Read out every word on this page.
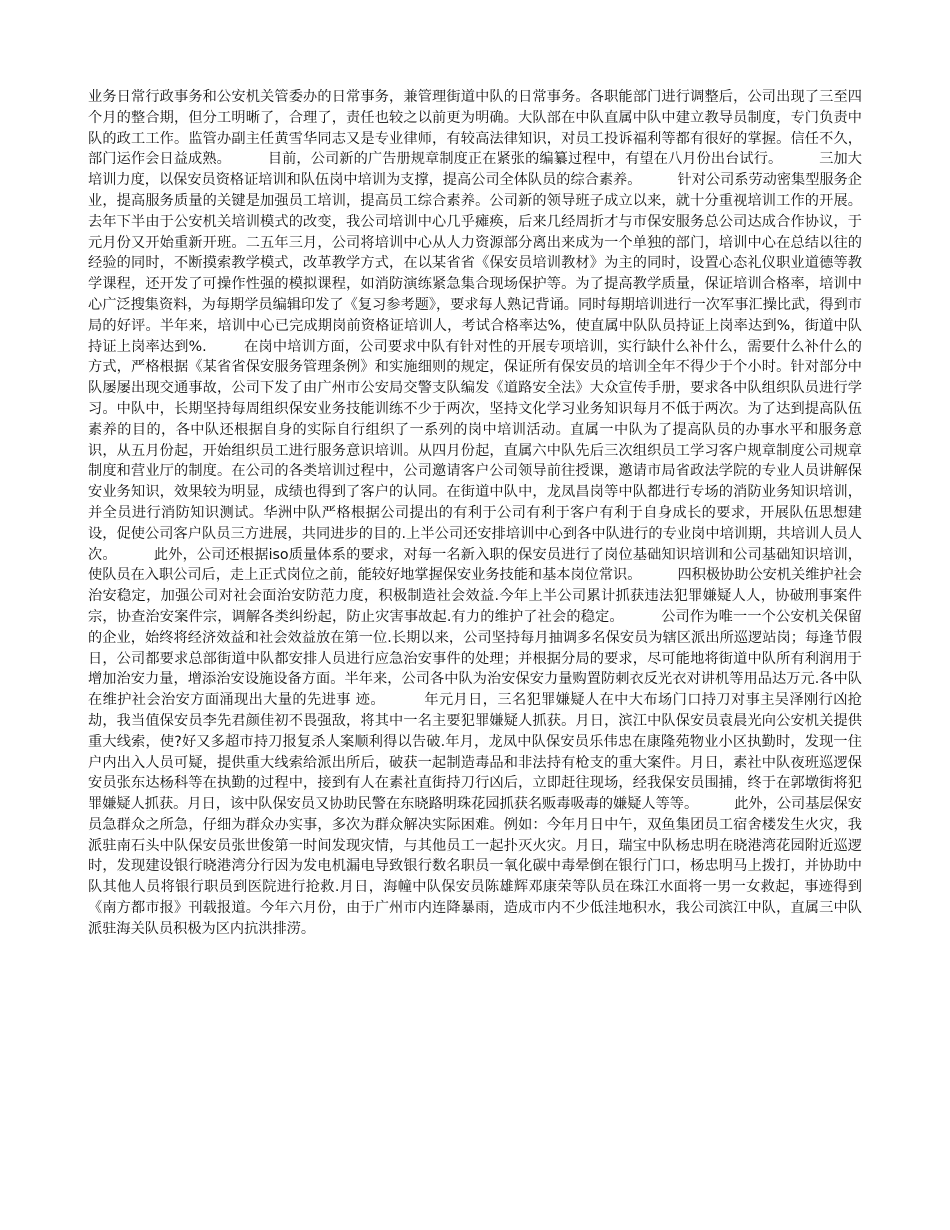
业务日常行政事务和公安机关管委办的日常事务，兼管理街道中队的日常事务。各职能部门进行调整后，公司出现了三至四个月的整合期，但分工明晰了，合理了，责任也较之以前更为明确。大队部在中队直属中队中建立教导员制度，专门负责中队的政工工作。监管办副主任黄雪华同志又是专业律师，有较高法律知识，对员工投诉福利等都有很好的掌握。信任不久，部门运作会日益成熟。        目前，公司新的广告册规章制度正在紧张的编纂过程中，有望在八月份出台试行。        三加大培训力度，以保安员资格证培训和队伍岗中培训为支撑，提高公司全体队员的综合素养。        针对公司系劳动密集型服务企业，提高服务质量的关键是加强员工培训，提高员工综合素养。公司新的领导班子成立以来，就十分重视培训工作的开展。        去年下半由于公安机关培训模式的改变，我公司培训中心几乎瘫痪，后来几经周折才与市保安服务总公司达成合作协议，于元月份又开始重新开班。二五年三月，公司将培训中心从人力资源部分离出来成为一个单独的部门，培训中心在总结以往的经验的同时，不断摸索教学模式，改革教学方式，在以某省省《保安员培训教材》为主的同时，设置心态礼仪职业道德等教学课程，还开发了可操作性强的模拟课程，如消防演练紧急集合现场保护等。为了提高教学质量，保证培训合格率，培训中心广泛搜集资料，为每期学员编辑印发了《复习参考题》，要求每人熟记背诵。同时每期培训进行一次军事汇操比武，得到市局的好评。半年来，培训中心已完成期岗前资格证培训人，考试合格率达%，使直属中队队员持证上岗率达到%，街道中队持证上岗率达到%.        在岗中培训方面，公司要求中队有针对性的开展专项培训，实行缺什么补什么，需要什么补什么的方式，严格根据《某省省保安服务管理条例》和实施细则的规定，保证所有保安员的培训全年不得少于个小时。针对部分中队屡屡出现交通事故，公司下发了由广州市公安局交警支队编发《道路安全法》大众宣传手册，要求各中队组织队员进行学习。中队中，长期坚持每周组织保安业务技能训练不少于两次，坚持文化学习业务知识每月不低于两次。为了达到提高队伍素养的目的，各中队还根据自身的实际自行组织了一系列的岗中培训活动。直属一中队为了提高队员的办事水平和服务意识，从五月份起，开始组织员工进行服务意识培训。从四月份起，直属六中队先后三次组织员工学习客户规章制度公司规章制度和营业厅的制度。在公司的各类培训过程中，公司邀请客户公司领导前往授课，邀请市局省政法学院的专业人员讲解保安业务知识，效果较为明显，成绩也得到了客户的认同。在街道中队中，龙凤昌岗等中队都进行专场的消防业务知识培训，并全员进行消防知识测试。华洲中队严格根据公司提出的有利于公司有利于客户有利于自身成长的要求，开展队伍思想建设，促使公司客户队员三方进展，共同进步的目的.上半公司还安排培训中心到各中队进行的专业岗中培训期，共培训人员人次。        此外，公司还根据iso质量体系的要求，对每一名新入职的保安员进行了岗位基础知识培训和公司基础知识培训，使队员在入职公司后，走上正式岗位之前，能较好地掌握保安业务技能和基本岗位常识。        四积极协助公安机关维护社会治安稳定，加强公司对社会面治安防范力度，积极制造社会效益.今年上半公司累计抓获违法犯罪嫌疑人人，协破刑事案件宗，协查治安案件宗，调解各类纠纷起，防止灾害事故起.有力的维护了社会的稳定。        公司作为唯一一个公安机关保留的企业，始终将经济效益和社会效益放在第一位.长期以来，公司坚持每月抽调多名保安员为辖区派出所巡逻站岗；每逢节假日，公司都要求总部街道中队都安排人员进行应急治安事件的处理；并根据分局的要求，尽可能地将街道中队所有利润用于增加治安力量，增添治安设施设备方面。半年来，公司各中队为治安保安力量购置防刺衣反光衣对讲机等用品达万元.各中队在维护社会治安方面涌现出大量的先进事 迹。        年元月日，三名犯罪嫌疑人在中大布场门口持刀对事主吴泽刚行凶抢劫，我当值保安员李先君颜佳初不畏强敌，将其中一名主要犯罪嫌疑人抓获。月日，滨江中队保安员袁晨光向公安机关提供重大线索，使?好又多超市持刀报复杀人案顺利得以告破.年月，龙凤中队保安员乐伟忠在康隆苑物业小区执勤时，发现一住户内出入人员可疑，提供重大线索给派出所后，破获一起制造毒品和非法持有枪支的重大案件。月日，素社中队夜班巡逻保安员张东达杨科等在执勤的过程中，接到有人在素社直街持刀行凶后，立即赶往现场，经我保安员围捕，终于在郭墩街将犯罪嫌疑人抓获。月日，该中队保安员又协助民警在东晓路明珠花园抓获名贩毒吸毒的嫌疑人等等。        此外，公司基层保安员急群众之所急，仔细为群众办实事，多次为群众解决实际困难。例如：今年月日中午，双鱼集团员工宿舍楼发生火灾，我派驻南石头中队保安员张世俊第一时间发现灾情，与其他员工一起扑灭火灾。月日，瑞宝中队杨忠明在晓港湾花园附近巡逻时，发现建设银行晓港湾分行因为发电机漏电导致银行数名职员一氧化碳中毒晕倒在银行门口，杨忠明马上拨打，并协助中队其他人员将银行职员到医院进行抢救.月日，海幢中队保安员陈雄辉邓康荣等队员在珠江水面将一男一女救起，事迹得到《南方都市报》刊载报道。今年六月份，由于广州市内连降暴雨，造成市内不少低洼地积水，我公司滨江中队，直属三中队派驻海关队员积极为区内抗洪排涝。
